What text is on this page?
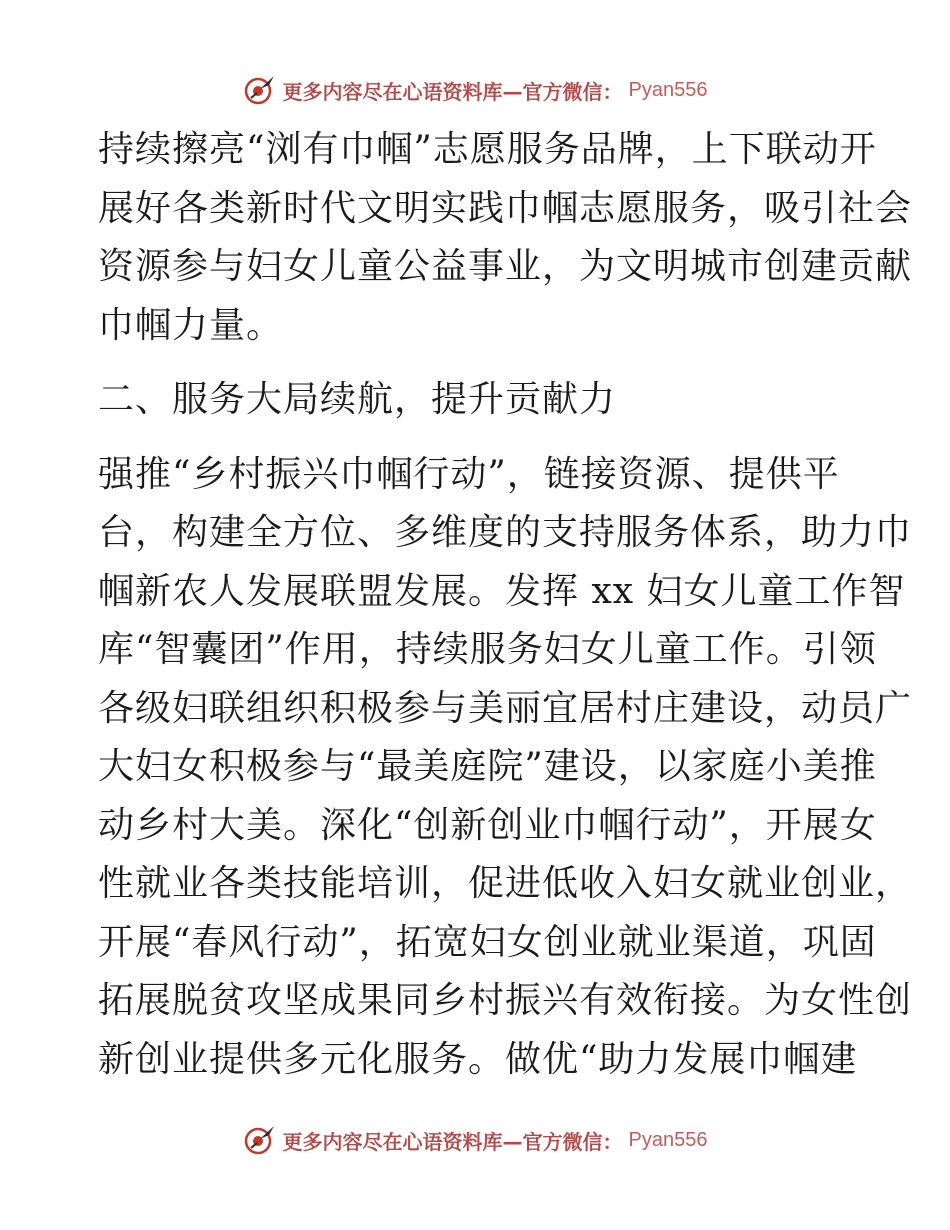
更多内容尽在心语资料库—官方微信： Pyan556
持续擦亮“浏有巾帼”志愿服务品牌，上下联动开
展好各类新时代文明实践巾帼志愿服务，吸引社会
资源参与妇女儿童公益事业，为文明城市创建贡献
巾帼力量。
二、服务大局续航，提升贡献力
强推“乡村振兴巾帼行动”，链接资源、提供平
台，构建全方位、多维度的支持服务体系，助力巾
帼新农人发展联盟发展。发挥 xx 妇女儿童工作智
库“智囊团”作用，持续服务妇女儿童工作。引领
各级妇联组织积极参与美丽宜居村庄建设，动员广
大妇女积极参与“最美庭院”建设，以家庭小美推
动乡村大美。深化“创新创业巾帼行动”，开展女
性就业各类技能培训，促进低收入妇女就业创业，
开展“春风行动”，拓宽妇女创业就业渠道，巩固
拓展脱贫攻坚成果同乡村振兴有效衔接。为女性创
新创业提供多元化服务。做优“助力发展巾帼建
更多内容尽在心语资料库—官方微信： Pyan556
